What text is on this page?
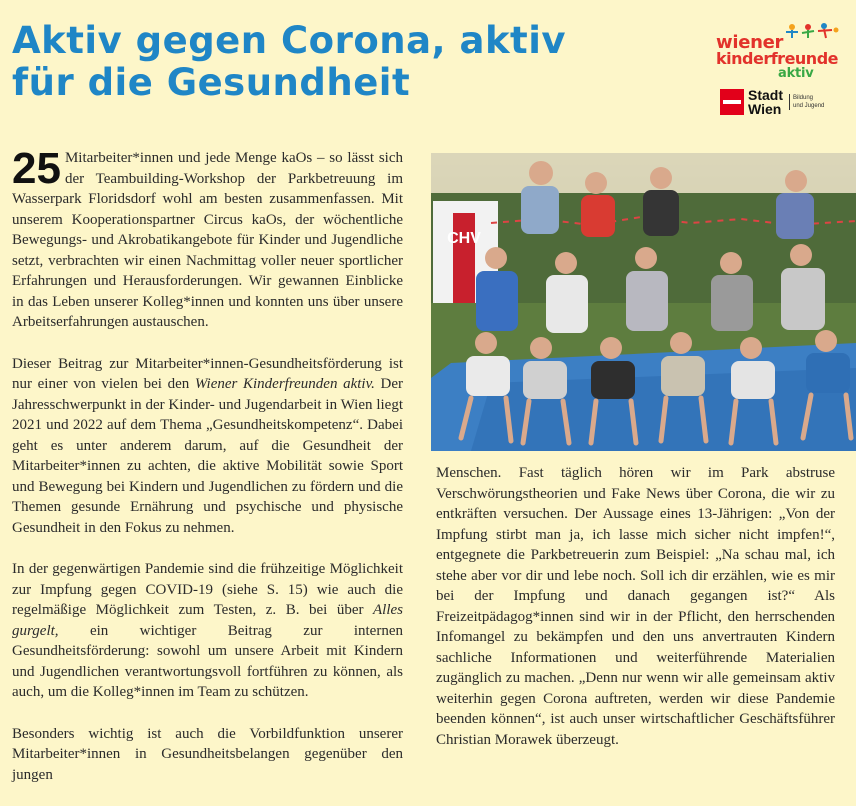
Aktiv gegen Corona, aktiv
für die Gesundheit
wiener
kinderfreunde
aktiv
Stadt
Wien
Bildung
und Jugend

25 Mitarbeiter*innen und jede Menge kaOs – so lässt sich der Teambuilding-Workshop der Parkbetreuung im Wasserpark Floridsdorf wohl am besten zusammenfassen. Mit unserem Kooperationspartner Circus kaOs, der wöchentliche Bewegungs- und Akrobatikangebote für Kinder und Jugendliche setzt, verbrachten wir einen Nachmittag voller neuer sportlicher Erfahrungen und Herausforderungen. Wir gewannen Einblicke in das Leben unserer Kolleg*innen und konnten uns über unsere Arbeitserfahrungen austauschen.

Dieser Beitrag zur Mitarbeiter*innen-Gesundheitsförderung ist nur einer von vielen bei den Wiener Kinderfreunden aktiv. Der Jahresschwerpunkt in der Kinder- und Jugendarbeit in Wien liegt 2021 und 2022 auf dem Thema „Gesundheitskompetenz“. Dabei geht es unter anderem darum, auf die Gesundheit der Mitarbeiter*innen zu achten, die aktive Mobilität sowie Sport und Bewegung bei Kindern und Jugendlichen zu fördern und die Themen gesunde Ernährung und psychische und physische Gesundheit in den Fokus zu nehmen.

In der gegenwärtigen Pandemie sind die frühzeitige Möglichkeit zur Impfung gegen COVID-19 (siehe S. 15) wie auch die regelmäßige Möglichkeit zum Testen, z. B. bei über Alles gurgelt, ein wichtiger Beitrag zur internen Gesundheitsförderung: sowohl um unsere Arbeit mit Kindern und Jugendlichen verantwortungsvoll fortführen zu können, als auch, um die Kolleg*innen im Team zu schützen.

Besonders wichtig ist auch die Vorbildfunktion unserer Mitarbeiter*innen in Gesundheitsbelangen gegenüber den jungen

CHV

Menschen. Fast täglich hören wir im Park abstruse Verschwörungstheorien und Fake News über Corona, die wir zu entkräften versuchen. Der Aussage eines 13-Jährigen: „Von der Impfung stirbt man ja, ich lasse mich sicher nicht impfen!“, entgegnete die Parkbetreuerin zum Beispiel: „Na schau mal, ich stehe aber vor dir und lebe noch. Soll ich dir erzählen, wie es mir bei der Impfung und danach gegangen ist?“ Als Freizeitpädagog*innen sind wir in der Pflicht, den herrschenden Infomangel zu bekämpfen und den uns anvertrauten Kindern sachliche Informationen und weiterführende Materialien zugänglich zu machen. „Denn nur wenn wir alle gemeinsam aktiv weiterhin gegen Corona auftreten, werden wir diese Pandemie beenden können“, ist auch unser wirtschaftlicher Geschäftsführer Christian Morawek überzeugt.
